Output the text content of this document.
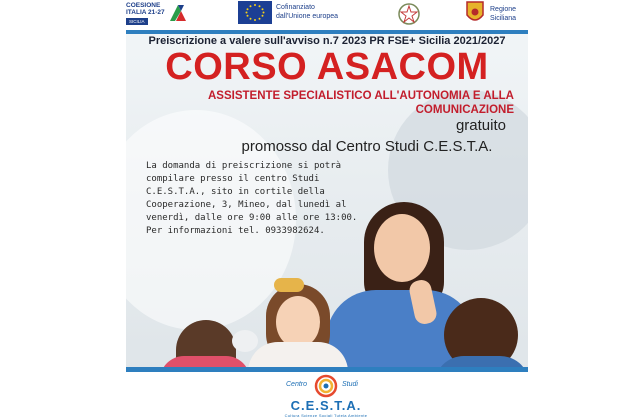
COESIONE
ITALIA 21-27
SICILIA
Cofinanziato
dall'Unione europea
Regione
Siciliana
Preiscrizione a valere sull'avviso n.7 2023 PR FSE+ Sicilia 2021/2027
CORSO ASACOM
ASSISTENTE SPECIALISTICO ALL'AUTONOMIA E ALLA
COMUNICAZIONE
gratuito
promosso dal Centro Studi C.E.S.T.A.
La domanda di preiscrizione si potrà
compilare presso il centro Studi
C.E.S.T.A., sito in cortile della
Cooperazione, 3, Mineo, dal lunedì al
venerdì, dalle ore 9:00 alle ore 13:00.
Per informazioni tel. 0933982624.
Centro	Studi
C.E.S.T.A.
Cultura Scienze Sociali Tutela Ambiente
